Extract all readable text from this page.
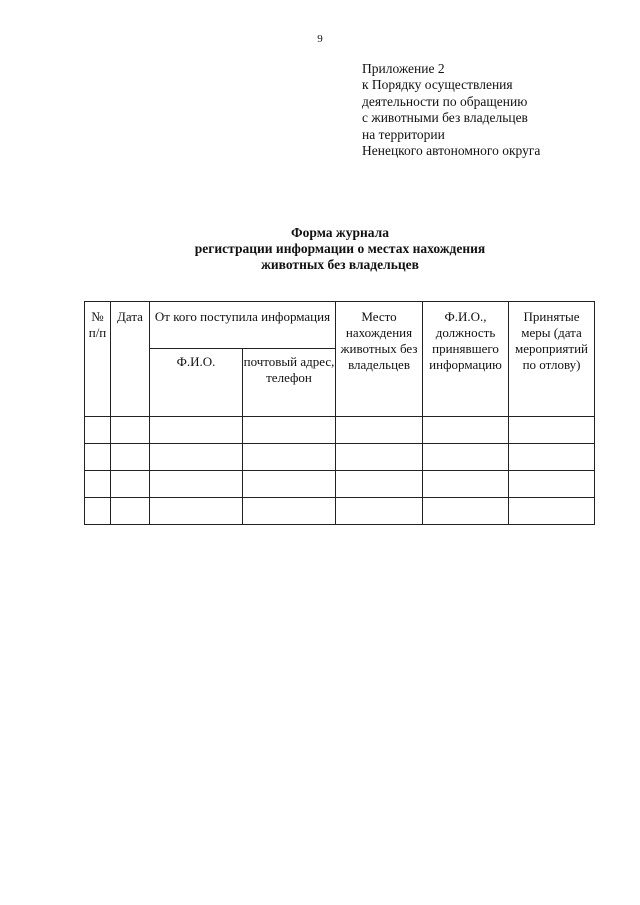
9
Приложение 2
к Порядку осуществления
деятельности по обращению
с животными без владельцев
на территории
Ненецкого автономного округа
Форма журнала
регистрации информации о местах нахождения
животных без владельцев
№ п/п	Дата	От кого поступила информация		Место нахождения животных без владельцев	Ф.И.О., должность принявшего информацию	Принятые меры (дата мероприятий по отлову)
		Ф.И.О.	почтовый адрес, телефон			
